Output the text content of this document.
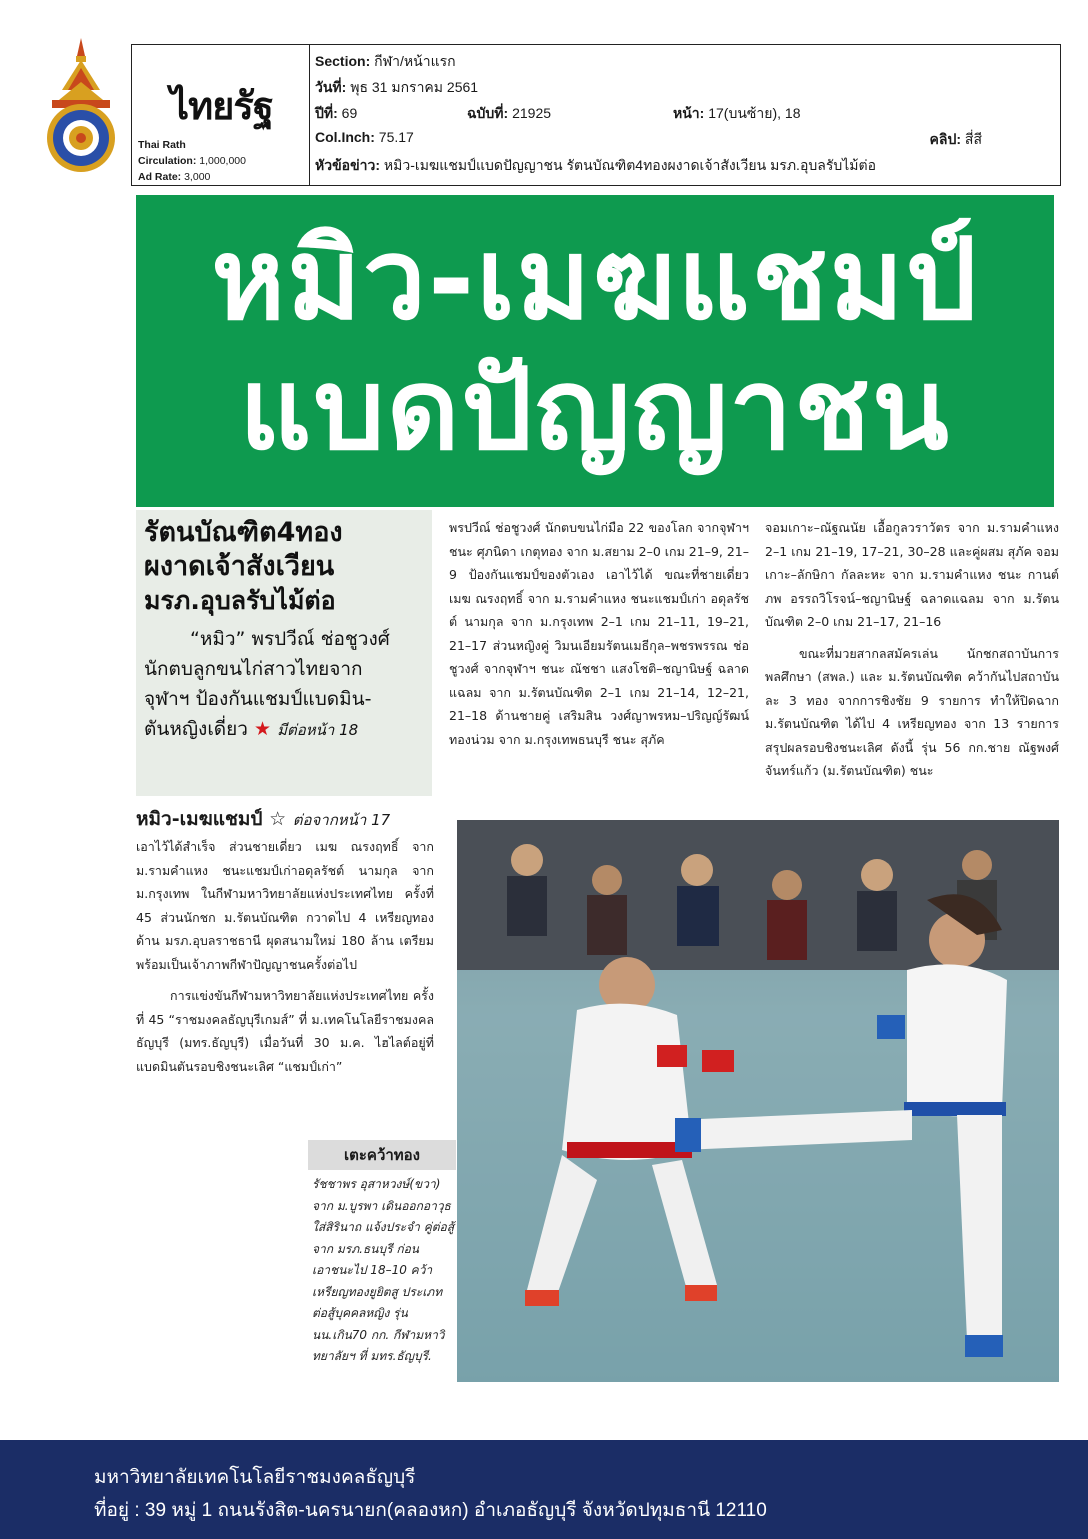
ไทยรัฐ
Thai Rath
Circulation: 1,000,000
Ad Rate: 3,000
Section: กีฬา/หน้าแรก
วันที่: พุธ 31 มกราคม 2561
ปีที่: 69	ฉบับที่: 21925	หน้า: 17(บนซ้าย), 18
Col.Inch: 75.17	คลิป: สี่สี
หัวข้อข่าว: หมิว-เมฆแชมป์แบดปัญญาชน รัตนบัณฑิต4ทองผงาดเจ้าสังเวียน มรภ.อุบลรับไม้ต่อ
หมิว-เมฆแชมป์
แบดปัญญาชน
รัตนบัณฑิต4ทอง
ผงาดเจ้าสังเวียน
มรภ.อุบลรับไม้ต่อ
“หมิว” พรปวีณ์ ช่อชูวงศ์
นักตบลูกขนไก่สาวไทยจาก
จุฬาฯ ป้องกันแชมป์แบดมิน-
ตันหญิงเดี่ยว ★ มีต่อหน้า 18

พรปวีณ์ ช่อชูวงศ์ นักตบขนไก่มือ 22 ของโลก จากจุฬาฯ ชนะ ศุภนิดา เกตุทอง จาก ม.สยาม 2–0 เกม 21–9, 21–9 ป้องกันแชมป์ของตัวเอง เอาไว้ได้ ขณะที่ชายเดี่ยว เมฆ ณรงฤทธิ์ จาก ม.รามคำแหง ชนะแชมป์เก่า อดุลรัชต์ นามกุล จาก ม.กรุงเทพ 2–1 เกม 21–11, 19–21, 21–17 ส่วนหญิงคู่ วิมนเอียมรัตนเมธีกุล–พชรพรรณ ช่อชูวงศ์ จากจุฬาฯ ชนะ ณัชชา แสงโชติ–ชญานิษฐ์ ฉลาดแฉลม จาก ม.รัตนบัณฑิต 2–1 เกม 21–14, 12–21, 21–18 ด้านชายคู่ เสริมสิน วงศ์ญาพรหม–ปริญญ์รัฒน์ ทองน่วม จาก ม.กรุงเทพธนบุรี ชนะ สุภัค

จอมเกาะ–ณัฐณนัย เอื้อกูลวราวัตร จาก ม.รามคำแหง 2–1 เกม 21–19, 17–21, 30–28 และคู่ผสม สุภัค จอมเกาะ–ลักษิกา กัลละหะ จาก ม.รามคำแหง ชนะ กานต์ภพ อรรถวิโรจน์–ชญานิษฐ์ ฉลาดแฉลม จาก ม.รัตนบัณฑิต 2–0 เกม 21–17, 21–16

ขณะที่มวยสากลสมัครเล่น นักชกสถาบันการพลศึกษา (สพล.) และ ม.รัตนบัณฑิต คว้ากันไปสถาบันละ 3 ทอง จากการชิงชัย 9 รายการ ทำให้ปิดฉาก ม.รัตนบัณฑิต ได้ไป 4 เหรียญทอง จาก 13 รายการ สรุปผลรอบชิงชนะเลิศ ดังนี้ รุ่น 56 กก.ชาย ณัฐพงศ์ จันทร์แก้ว (ม.รัตนบัณฑิต) ชนะ

หมิว-เมฆแชมป์ ☆ ต่อจากหน้า 17

เอาไว้ได้สำเร็จ ส่วนชายเดี่ยว เมฆ ณรงฤทธิ์ จาก ม.รามคำแหง ชนะแชมป์เก่าอดุลรัชต์ นามกุล จาก ม.กรุงเทพ ในกีฬามหาวิทยาลัยแห่งประเทศไทย ครั้งที่ 45 ส่วนนักชก ม.รัตนบัณฑิต กวาดไป 4 เหรียญทอง ด้าน มรภ.อุบลราชธานี ผุดสนามใหม่ 180 ล้าน เตรียมพร้อมเป็นเจ้าภาพกีฬาปัญญาชนครั้งต่อไป

การแข่งขันกีฬามหาวิทยาลัยแห่งประเทศไทย ครั้งที่ 45 “ราชมงคลธัญบุรีเกมส์” ที่ ม.เทคโนโลยีราชมงคลธัญบุรี (มทร.ธัญบุรี) เมื่อวันที่ 30 ม.ค. ไฮไลต์อยู่ที่แบดมินตันรอบชิงชนะเลิศ “แชมป์เก่า”

เตะคว้าทอง
รัชชาพร อุสาหวงษ์(ขวา) จาก ม.บูรพา เดินออกอาวุธใส่สิรินาถ แจ้งประจำ คู่ต่อสู้ จาก มรภ.ธนบุรี ก่อนเอาชนะไป 18–10 คว้าเหรียญทองยูยิตสู ประเภทต่อสู้บุคคลหญิง รุ่น นน.เกิน70 กก. กีฬามหาวิทยาลัยฯ ที่ มทร.ธัญบุรี.
มหาวิทยาลัยเทคโนโลยีราชมงคลธัญบุรี
ที่อยู่ : 39 หมู่ 1 ถนนรังสิต-นครนายก(คลองหก) อำเภอธัญบุรี จังหวัดปทุมธานี 12110
